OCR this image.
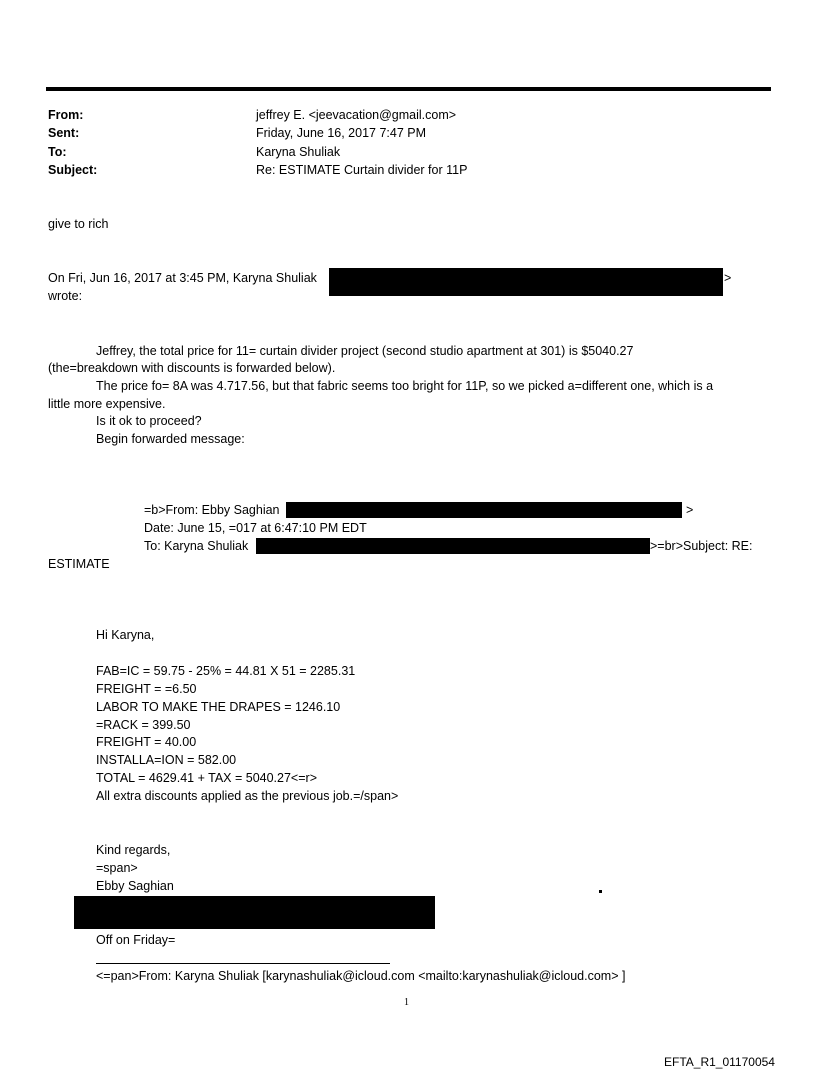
From:	jeffrey E. <jeevacation@gmail.com>
Sent:	Friday, June 16, 2017 7:47 PM
To:	Karyna Shuliak
Subject:	Re: ESTIMATE Curtain divider for 11P
give to rich
On Fri, Jun 16, 2017 at 3:45 PM, Karyna Shuliak	>
wrote:
Jeffrey, the total price for 11= curtain divider project (second studio apartment at 301) is $5040.27
(the=breakdown with discounts is forwarded below).
The price fo= 8A was 4.717.56, but that fabric seems too bright for 11P, so we picked a=different one, which is a
little more expensive.
Is it ok to proceed?
Begin forwarded message:
=b>From: Ebby Saghian	>
Date: June 15, =017 at 6:47:10 PM EDT
To: Karyna Shuliak	>=br>Subject: RE:
ESTIMATE
Hi Karyna,
FAB=IC = 59.75 - 25% = 44.81 X 51 = 2285.31
FREIGHT = =6.50
LABOR TO MAKE THE DRAPES = 1246.10
=RACK = 399.50
FREIGHT = 40.00
INSTALLA=ION = 582.00
TOTAL = 4629.41 + TAX = 5040.27<=r>
All extra discounts applied as the previous job.=/span>
Kind regards,
=span>
Ebby Saghian
Off on Friday=
<=pan>From: Karyna Shuliak [karynashuliak@icloud.com <mailto:karynashuliak@icloud.com> ]
1
EFTA_R1_01170054
